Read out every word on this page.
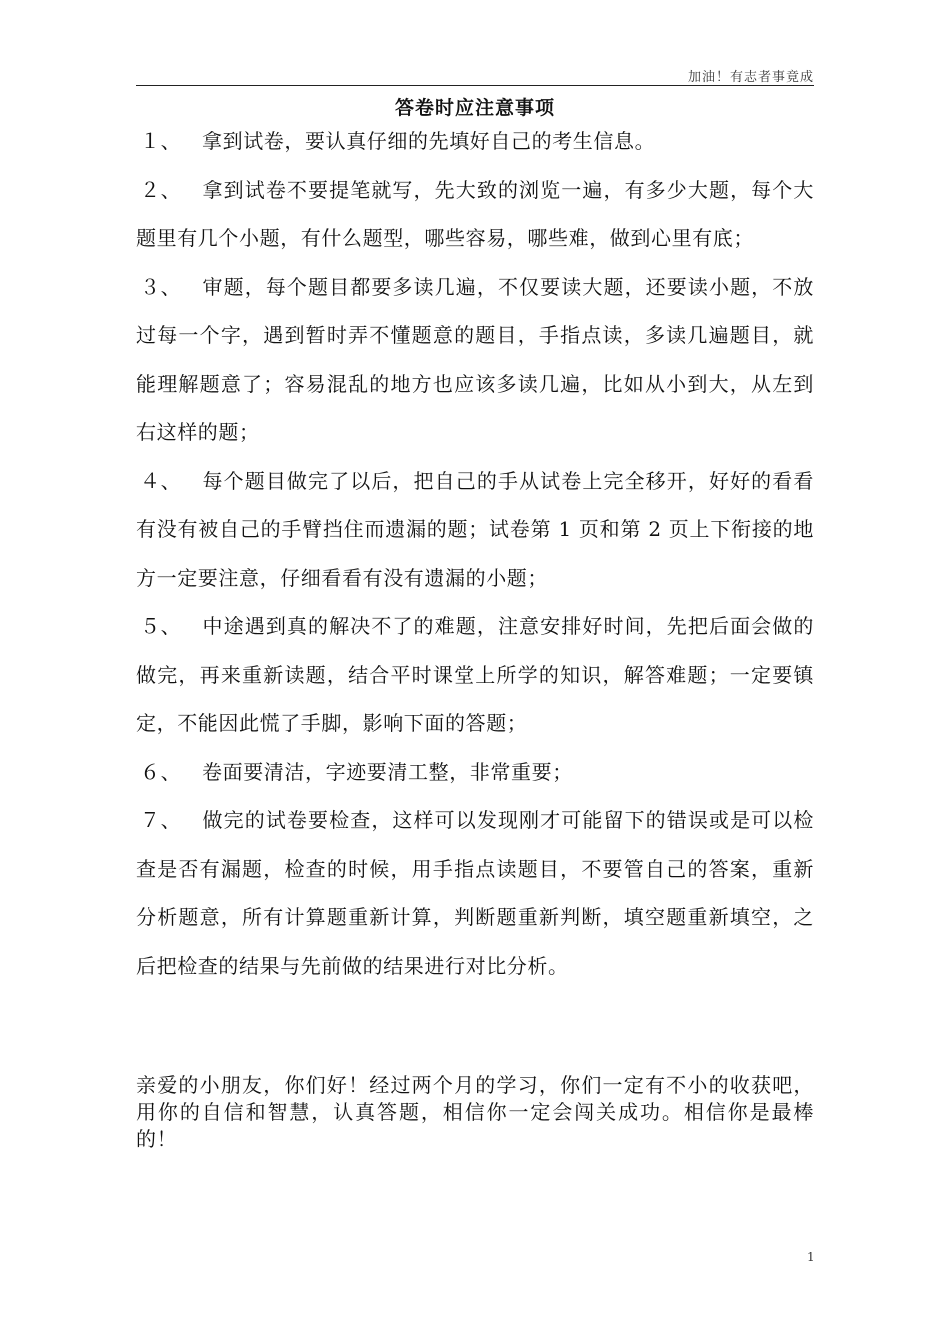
加油！有志者事竟成
答卷时应注意事项
１、 拿到试卷，要认真仔细的先填好自己的考生信息。
２、 拿到试卷不要提笔就写，先大致的浏览一遍，有多少大题，每个大题里有几个小题，有什么题型，哪些容易，哪些难，做到心里有底；
３、 审题，每个题目都要多读几遍，不仅要读大题，还要读小题，不放过每一个字，遇到暂时弄不懂题意的题目，手指点读，多读几遍题目，就能理解题意了；容易混乱的地方也应该多读几遍，比如从小到大，从左到右这样的题；
４、 每个题目做完了以后，把自己的手从试卷上完全移开，好好的看看有没有被自己的手臂挡住而遗漏的题；试卷第 1 页和第 2 页上下衔接的地方一定要注意，仔细看看有没有遗漏的小题；
５、 中途遇到真的解决不了的难题，注意安排好时间，先把后面会做的做完，再来重新读题，结合平时课堂上所学的知识，解答难题；一定要镇定，不能因此慌了手脚，影响下面的答题；
６、 卷面要清洁，字迹要清工整，非常重要；
７、 做完的试卷要检查，这样可以发现刚才可能留下的错误或是可以检查是否有漏题，检查的时候，用手指点读题目，不要管自己的答案，重新分析题意，所有计算题重新计算，判断题重新判断，填空题重新填空，之后把检查的结果与先前做的结果进行对比分析。
亲爱的小朋友，你们好！经过两个月的学习，你们一定有不小的收获吧，用你的自信和智慧，认真答题，相信你一定会闯关成功。相信你是最棒的！
1
